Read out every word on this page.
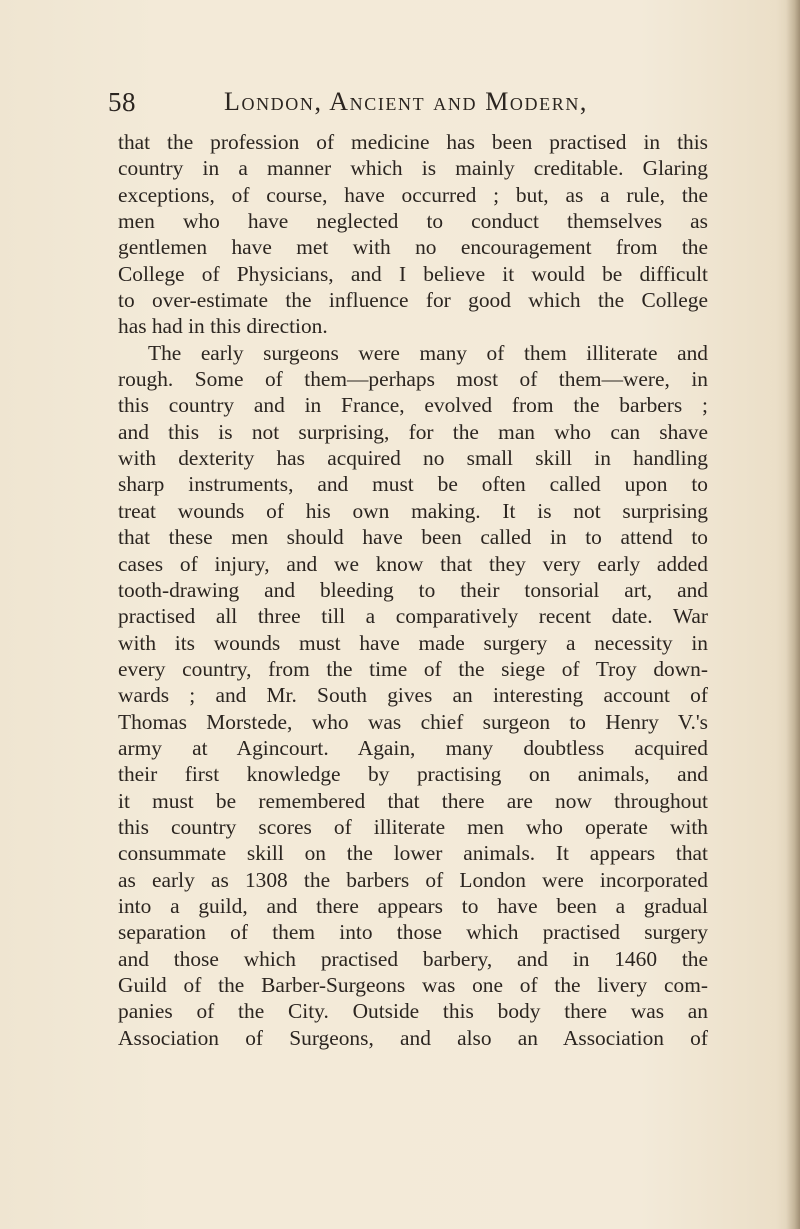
58	London, Ancient and Modern,
that the profession of medicine has been practised in this
country in a manner which is mainly creditable. Glaring
exceptions, of course, have occurred ; but, as a rule, the
men who have neglected to conduct themselves as
gentlemen have met with no encouragement from the
College of Physicians, and I believe it would be difficult
to over-estimate the influence for good which the College
has had in this direction.
The early surgeons were many of them illiterate and
rough. Some of them—perhaps most of them—were, in
this country and in France, evolved from the barbers ;
and this is not surprising, for the man who can shave
with dexterity has acquired no small skill in handling
sharp instruments, and must be often called upon to
treat wounds of his own making. It is not surprising
that these men should have been called in to attend to
cases of injury, and we know that they very early added
tooth-drawing and bleeding to their tonsorial art, and
practised all three till a comparatively recent date. War
with its wounds must have made surgery a necessity in
every country, from the time of the siege of Troy down-
wards ; and Mr. South gives an interesting account of
Thomas Morstede, who was chief surgeon to Henry V.'s
army at Agincourt. Again, many doubtless acquired
their first knowledge by practising on animals, and
it must be remembered that there are now throughout
this country scores of illiterate men who operate with
consummate skill on the lower animals. It appears that
as early as 1308 the barbers of London were incorporated
into a guild, and there appears to have been a gradual
separation of them into those which practised surgery
and those which practised barbery, and in 1460 the
Guild of the Barber-Surgeons was one of the livery com-
panies of the City. Outside this body there was an
Association of Surgeons, and also an Association of
